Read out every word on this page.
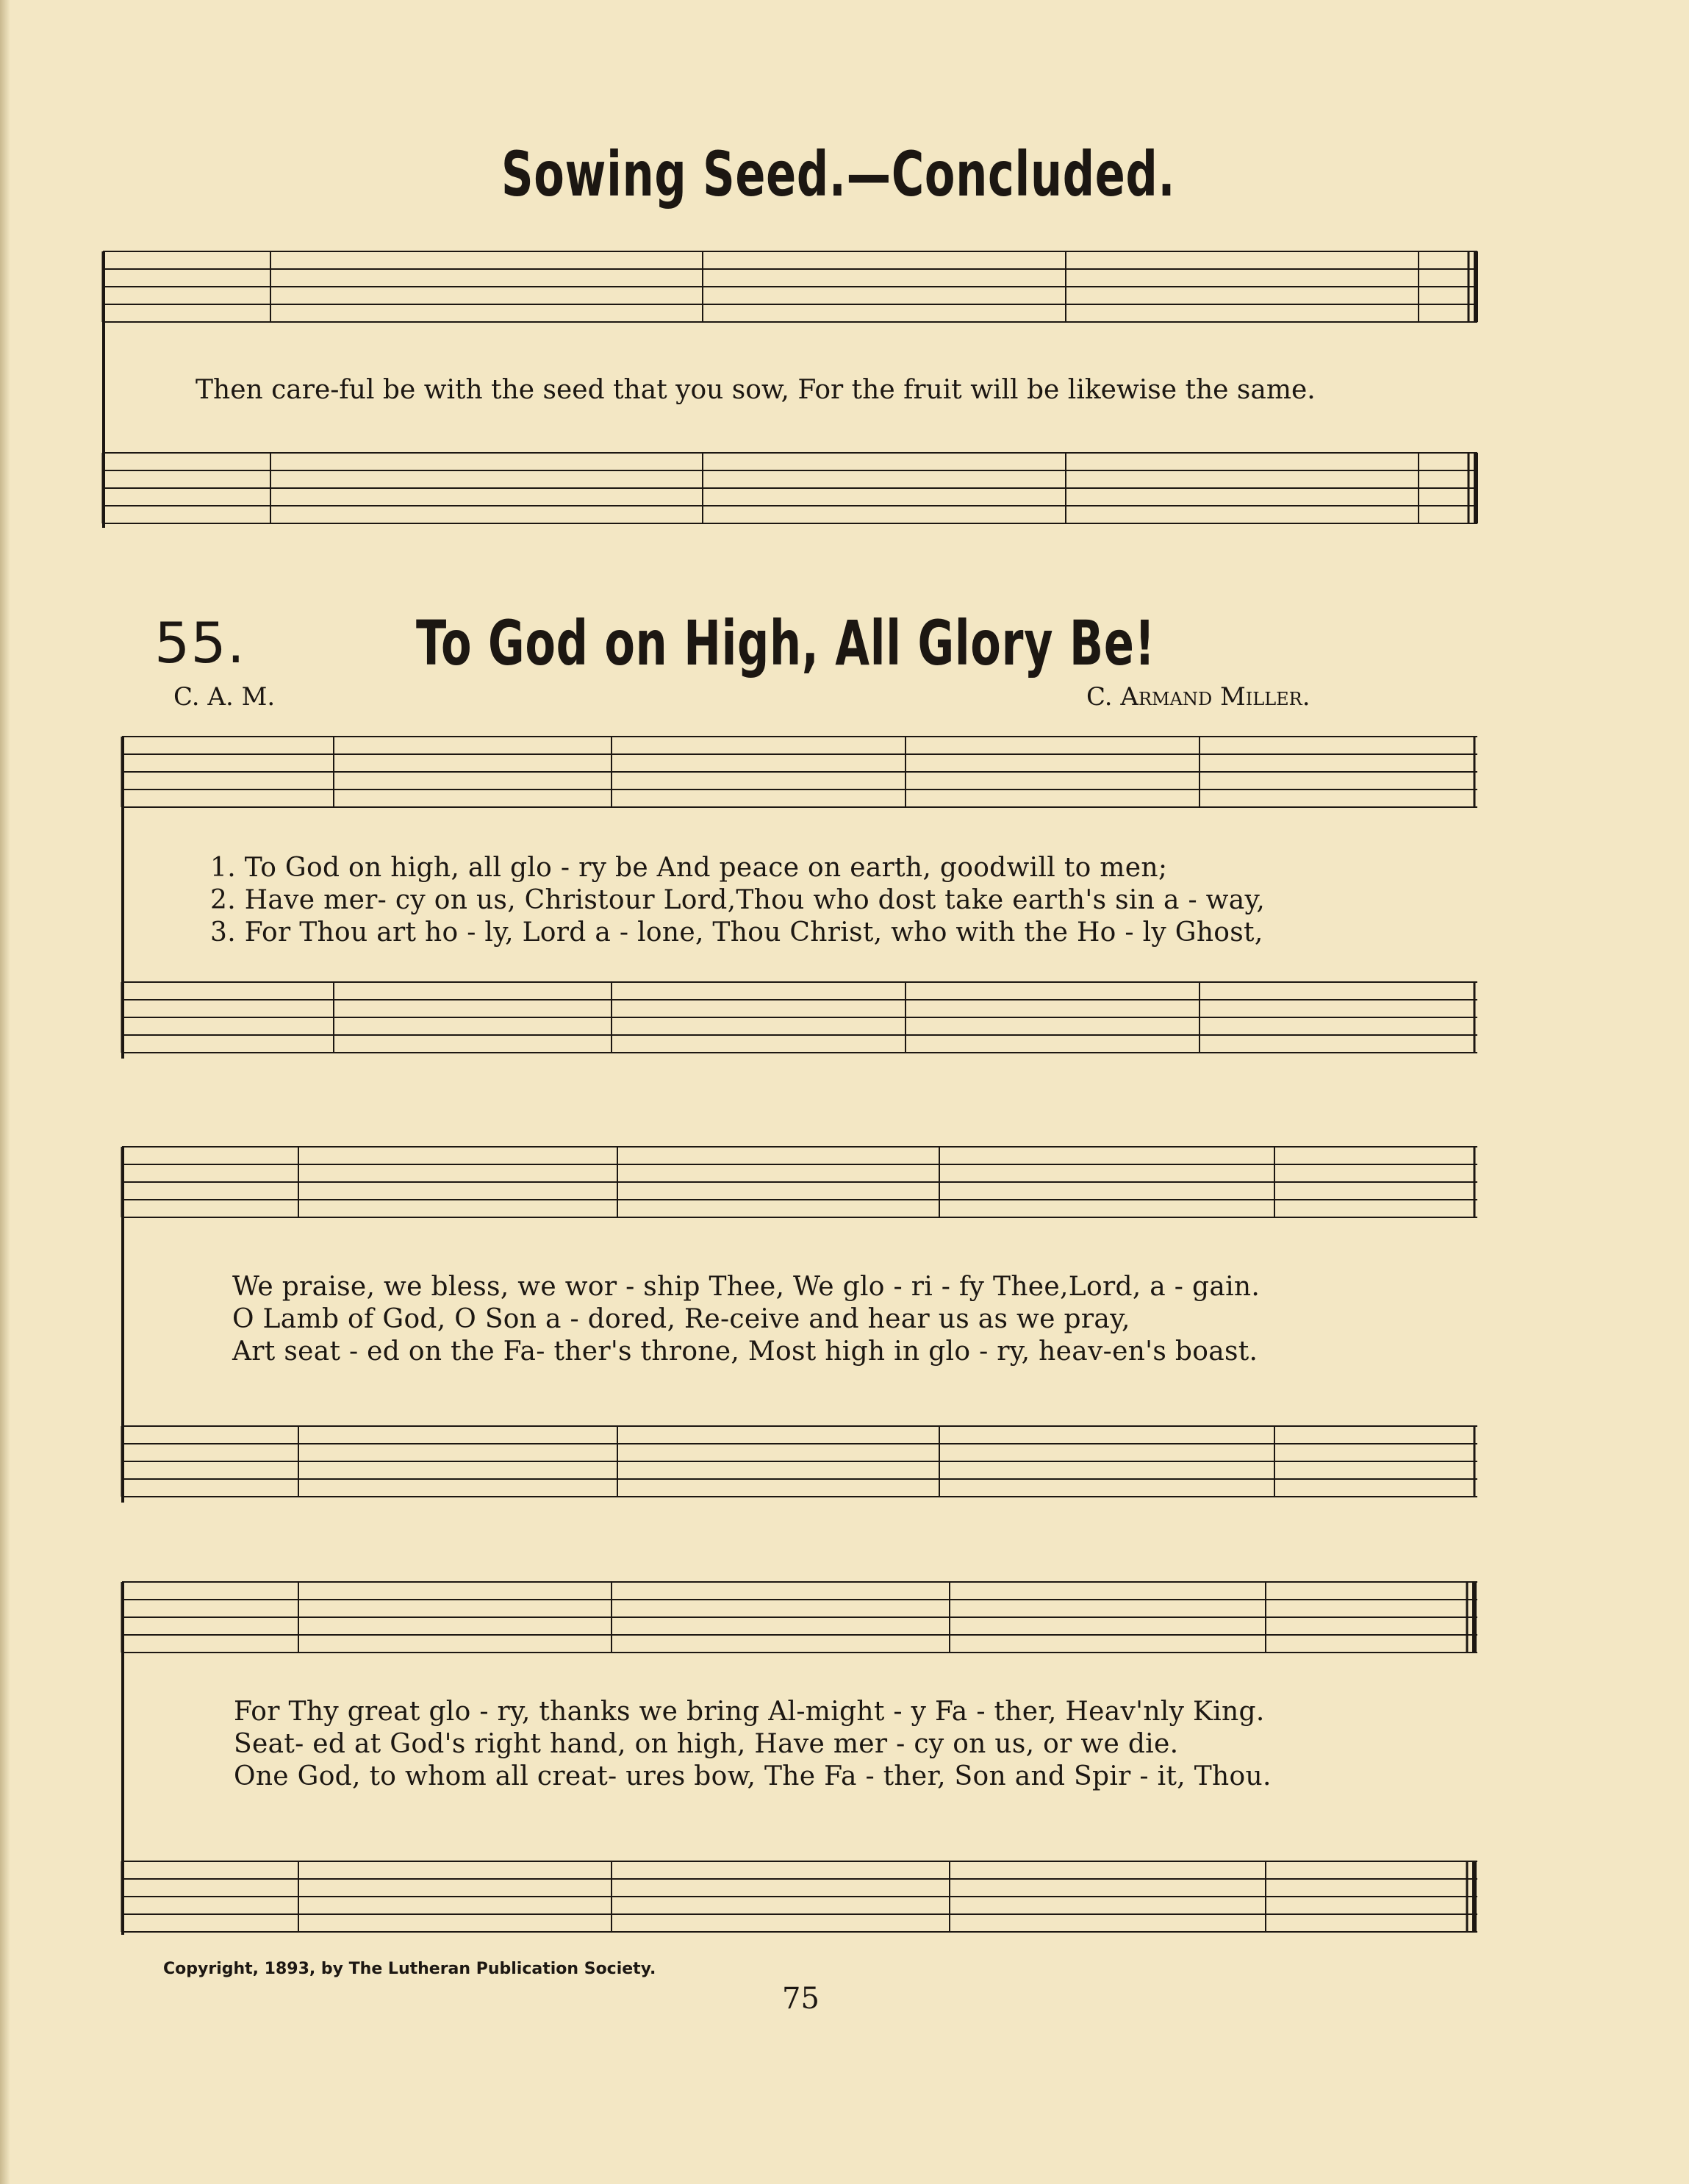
Sowing Seed.—Concluded.
Then care-ful be with the seed that you sow, For the fruit will be likewise the same.
55.	To God on High, All Glory Be!
C. A. M.	C. Armand Miller.
1. To God on high, all glo - ry be And peace on earth, goodwill to men;
2. Have mer- cy on us, Christour Lord,Thou who dost take earth's sin a - way,
3. For Thou art ho - ly, Lord a - lone, Thou Christ, who with the Ho - ly Ghost,
We praise, we bless, we wor - ship Thee, We glo - ri - fy Thee,Lord, a - gain.
O Lamb of God, O Son a - dored, Re-ceive and hear us as we pray,
Art seat - ed on the Fa- ther's throne, Most high in glo - ry, heav-en's boast.
For Thy great glo - ry, thanks we bring Al-might - y Fa - ther, Heav'nly King.
Seat- ed at God's right hand, on high, Have mer - cy on us, or we die.
One God, to whom all creat- ures bow, The Fa - ther, Son and Spir - it, Thou.
Copyright, 1893, by The Lutheran Publication Society.
75
